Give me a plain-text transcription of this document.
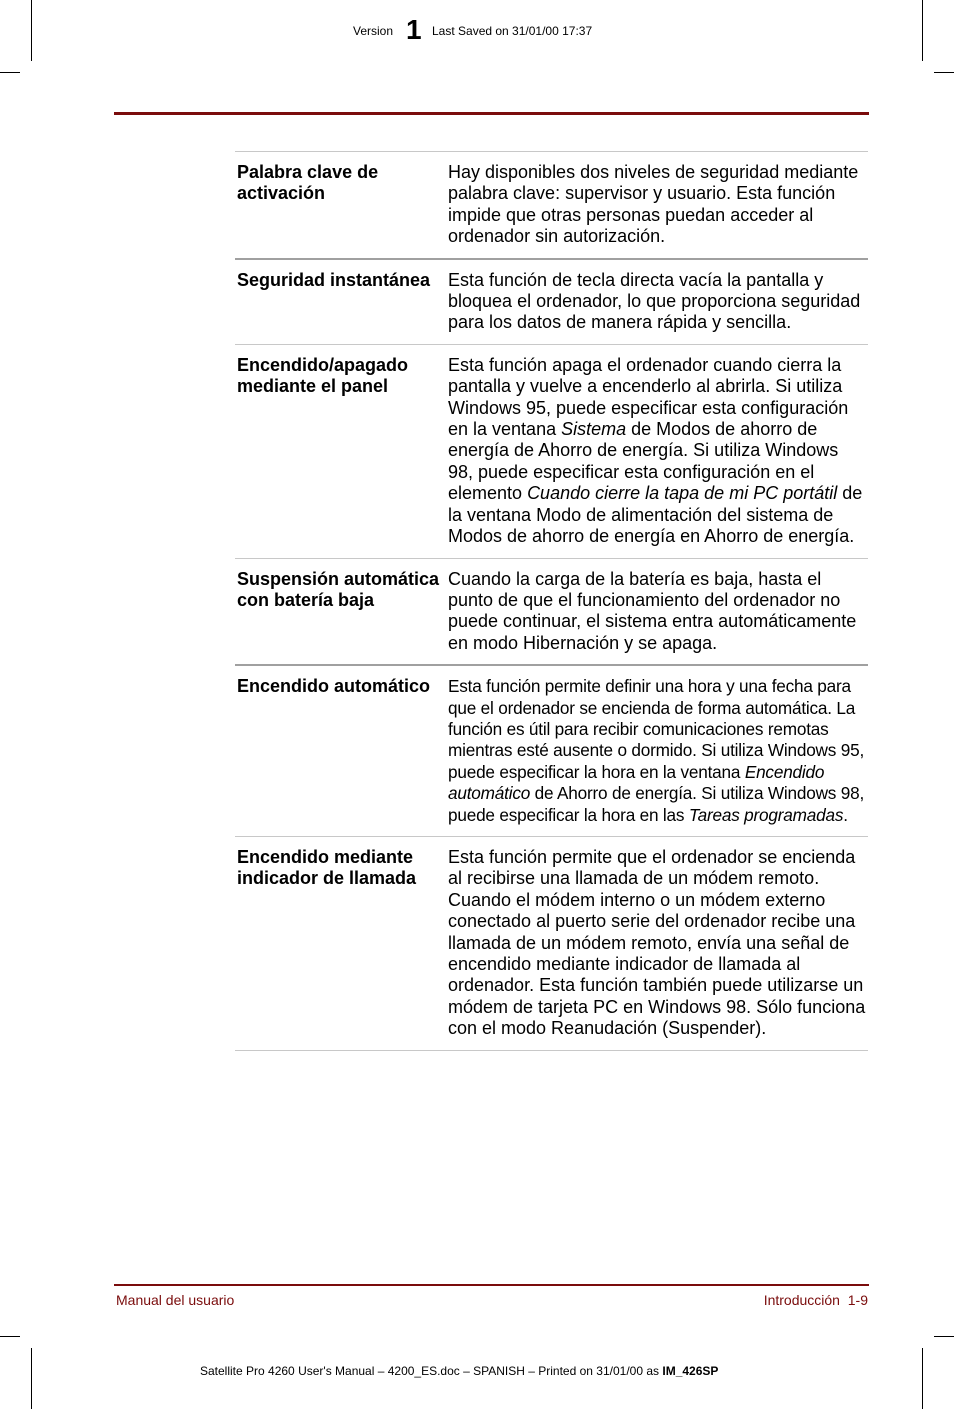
Version 1 Last Saved on 31/01/00 17:37
Palabra clave de activación
Hay disponibles dos niveles de seguridad mediante palabra clave: supervisor y usuario. Esta función impide que otras personas puedan acceder al ordenador sin autorización.
Seguridad instantánea Esta función de tecla directa vacía la pantalla y bloquea el ordenador, lo que proporciona seguridad para los datos de manera rápida y sencilla.
Encendido/apagado mediante el panel
Esta función apaga el ordenador cuando cierra la pantalla y vuelve a encenderlo al abrirla. Si utiliza Windows 95, puede especificar esta configuración en la ventana Sistema de Modos de ahorro de energía de Ahorro de energía. Si utiliza Windows 98, puede especificar esta configuración en el elemento Cuando cierre la tapa de mi PC portátil de la ventana Modo de alimentación del sistema de Modos de ahorro de energía en Ahorro de energía.
Suspensión automática con batería baja
Cuando la carga de la batería es baja, hasta el punto de que el funcionamiento del ordenador no puede continuar, el sistema entra automáticamente en modo Hibernación y se apaga.
Encendido automático	Esta función permite definir una hora y una fecha para que el ordenador se encienda de forma automática. La función es útil para recibir comunicaciones remotas mientras esté ausente o dormido. Si utiliza Windows 95, puede especificar la hora en la ventana Encendido automático de Ahorro de energía. Si utiliza Windows 98, puede especificar la hora en las Tareas programadas.
Encendido mediante indicador de llamada
Esta función permite que el ordenador se encienda al recibirse una llamada de un módem remoto. Cuando el módem interno o un módem externo conectado al puerto serie del ordenador recibe una llamada de un módem remoto, envía una señal de encendido mediante indicador de llamada al ordenador. Esta función también puede utilizarse un módem de tarjeta PC en Windows 98. Sólo funciona con el modo Reanudación (Suspender).
Manual del usuario	Introducción  1-9
Satellite Pro 4260 User's Manual – 4200_ES.doc – SPANISH – Printed on 31/01/00 as IM_426SP
